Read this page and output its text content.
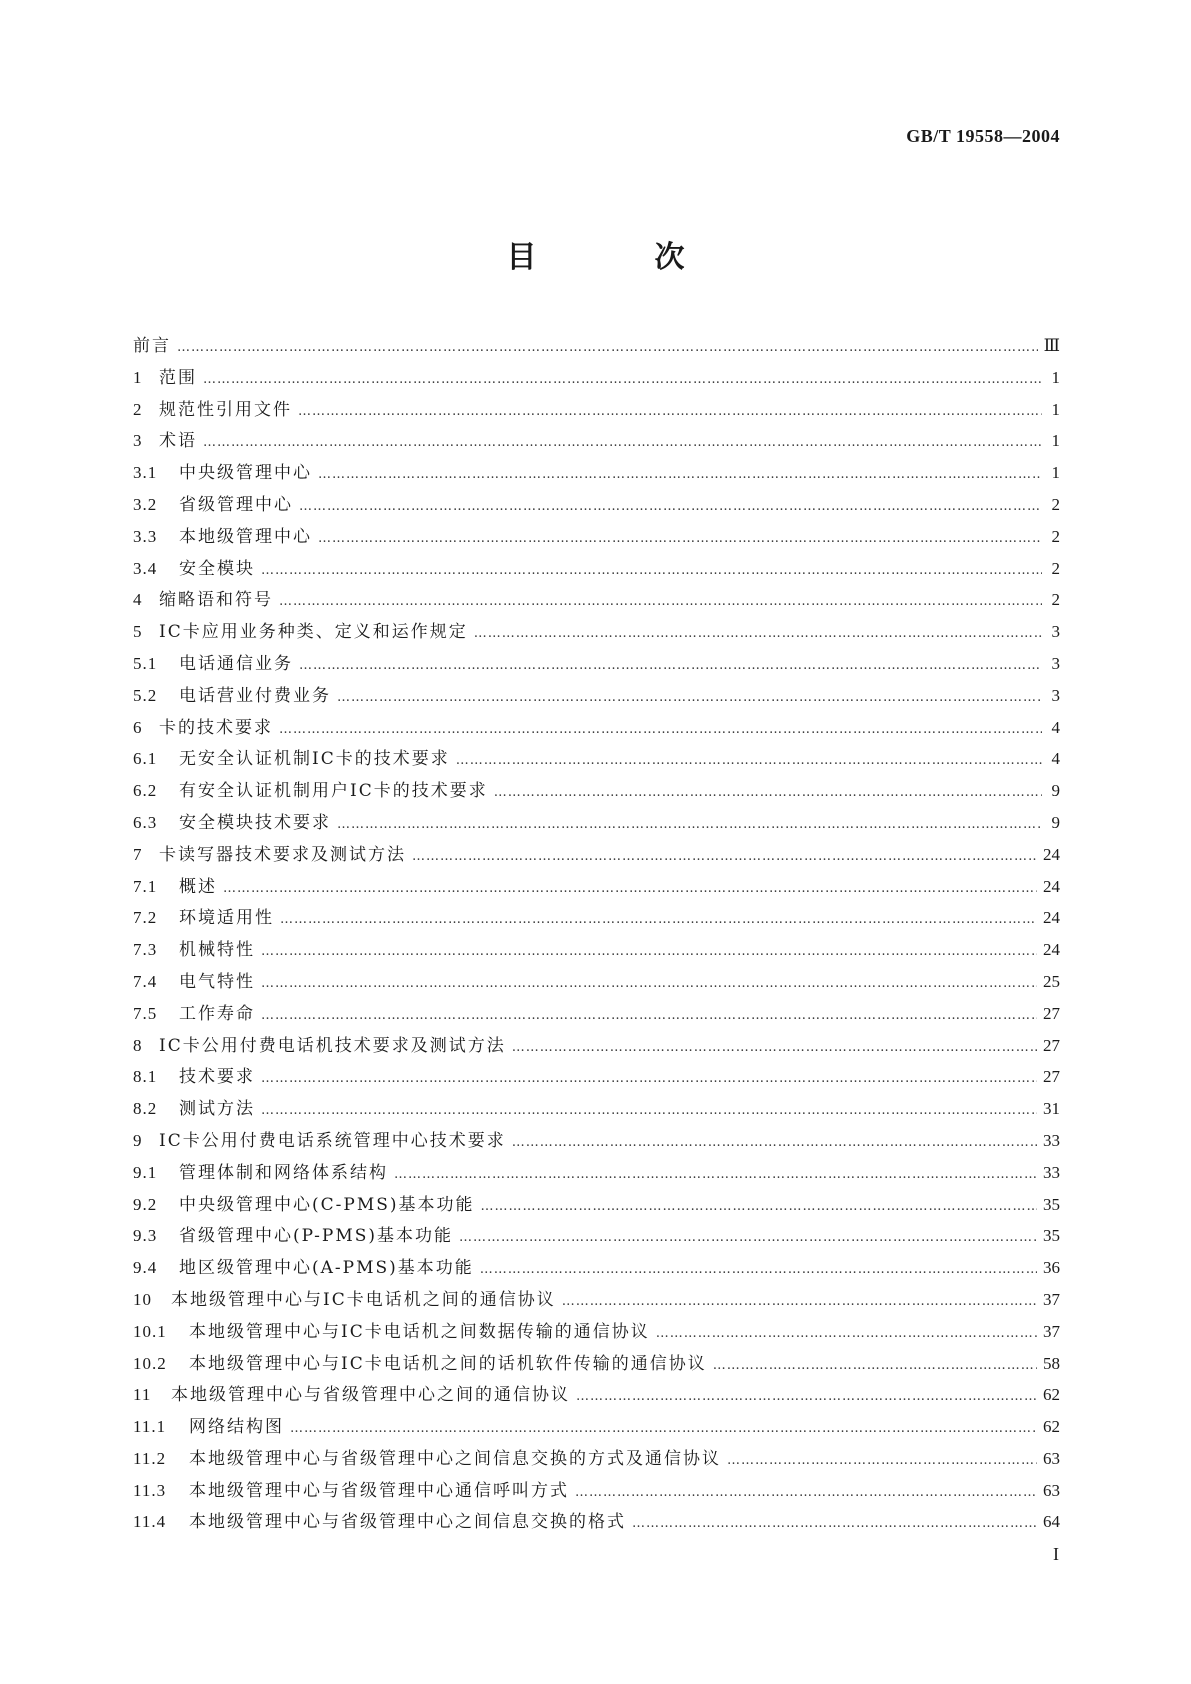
GB/T 19558—2004
目　次
前言 …………………………………………………………………………………………………………………………………………………………………………………………………………………………………………………	Ⅲ
1 范围 …………………………………………………………………………………………………………………………………………………………………………………………………………………………………………………	1
2 规范性引用文件 …………………………………………………………………………………………………………………………………………………………………………………………………………………………………………………	1
3 术语 …………………………………………………………………………………………………………………………………………………………………………………………………………………………………………………	1
3.1	中央级管理中心 …………………………………………………………………………………………………………………………………………………………………………………………………………………………………………………	1
3.2	省级管理中心 …………………………………………………………………………………………………………………………………………………………………………………………………………………………………………………	2
3.3	本地级管理中心 …………………………………………………………………………………………………………………………………………………………………………………………………………………………………………………	2
3.4	安全模块 …………………………………………………………………………………………………………………………………………………………………………………………………………………………………………………	2
4 缩略语和符号 …………………………………………………………………………………………………………………………………………………………………………………………………………………………………………………	2
5 IC卡应用业务种类、定义和运作规定 …………………………………………………………………………………………………………………………………………………………………………………………………………………………………………………	3
5.1	电话通信业务 …………………………………………………………………………………………………………………………………………………………………………………………………………………………………………………	3
5.2	电话营业付费业务 …………………………………………………………………………………………………………………………………………………………………………………………………………………………………………………	3
6 卡的技术要求 …………………………………………………………………………………………………………………………………………………………………………………………………………………………………………………	4
6.1	无安全认证机制IC卡的技术要求 …………………………………………………………………………………………………………………………………………………………………………………………………………………………………………………	4
6.2	有安全认证机制用户IC卡的技术要求 …………………………………………………………………………………………………………………………………………………………………………………………………………………………………………………	9
6.3	安全模块技术要求 …………………………………………………………………………………………………………………………………………………………………………………………………………………………………………………	9
7 卡读写器技术要求及测试方法 …………………………………………………………………………………………………………………………………………………………………………………………………………………………………………………	24
7.1	概述 …………………………………………………………………………………………………………………………………………………………………………………………………………………………………………………	24
7.2	环境适用性 …………………………………………………………………………………………………………………………………………………………………………………………………………………………………………………	24
7.3	机械特性 …………………………………………………………………………………………………………………………………………………………………………………………………………………………………………………	24
7.4	电气特性 …………………………………………………………………………………………………………………………………………………………………………………………………………………………………………………	25
7.5	工作寿命 …………………………………………………………………………………………………………………………………………………………………………………………………………………………………………………	27
8 IC卡公用付费电话机技术要求及测试方法 …………………………………………………………………………………………………………………………………………………………………………………………………………………………………………………	27
8.1	技术要求 …………………………………………………………………………………………………………………………………………………………………………………………………………………………………………………	27
8.2	测试方法 …………………………………………………………………………………………………………………………………………………………………………………………………………………………………………………	31
9 IC卡公用付费电话系统管理中心技术要求 …………………………………………………………………………………………………………………………………………………………………………………………………………………………………………………	33
9.1	管理体制和网络体系结构 …………………………………………………………………………………………………………………………………………………………………………………………………………………………………………………	33
9.2	中央级管理中心(C-PMS)基本功能 …………………………………………………………………………………………………………………………………………………………………………………………………………………………………………………	35
9.3	省级管理中心(P-PMS)基本功能 …………………………………………………………………………………………………………………………………………………………………………………………………………………………………………………	35
9.4	地区级管理中心(A-PMS)基本功能 …………………………………………………………………………………………………………………………………………………………………………………………………………………………………………………	36
10	本地级管理中心与IC卡电话机之间的通信协议 …………………………………………………………………………………………………………………………………………………………………………………………………………………………………………………	37
10.1	本地级管理中心与IC卡电话机之间数据传输的通信协议 …………………………………………………………………………………………………………………………………………………………………………………………………………………………………………………	37
10.2	本地级管理中心与IC卡电话机之间的话机软件传输的通信协议 …………………………………………………………………………………………………………………………………………………………………………………………………………………………………………………	58
11	本地级管理中心与省级管理中心之间的通信协议 …………………………………………………………………………………………………………………………………………………………………………………………………………………………………………………	62
11.1	网络结构图 …………………………………………………………………………………………………………………………………………………………………………………………………………………………………………………	62
11.2	本地级管理中心与省级管理中心之间信息交换的方式及通信协议 …………………………………………………………………………………………………………………………………………………………………………………………………………………………………………………	63
11.3	本地级管理中心与省级管理中心通信呼叫方式 …………………………………………………………………………………………………………………………………………………………………………………………………………………………………………………	63
11.4	本地级管理中心与省级管理中心之间信息交换的格式 …………………………………………………………………………………………………………………………………………………………………………………………………………………………………………………	64
I
